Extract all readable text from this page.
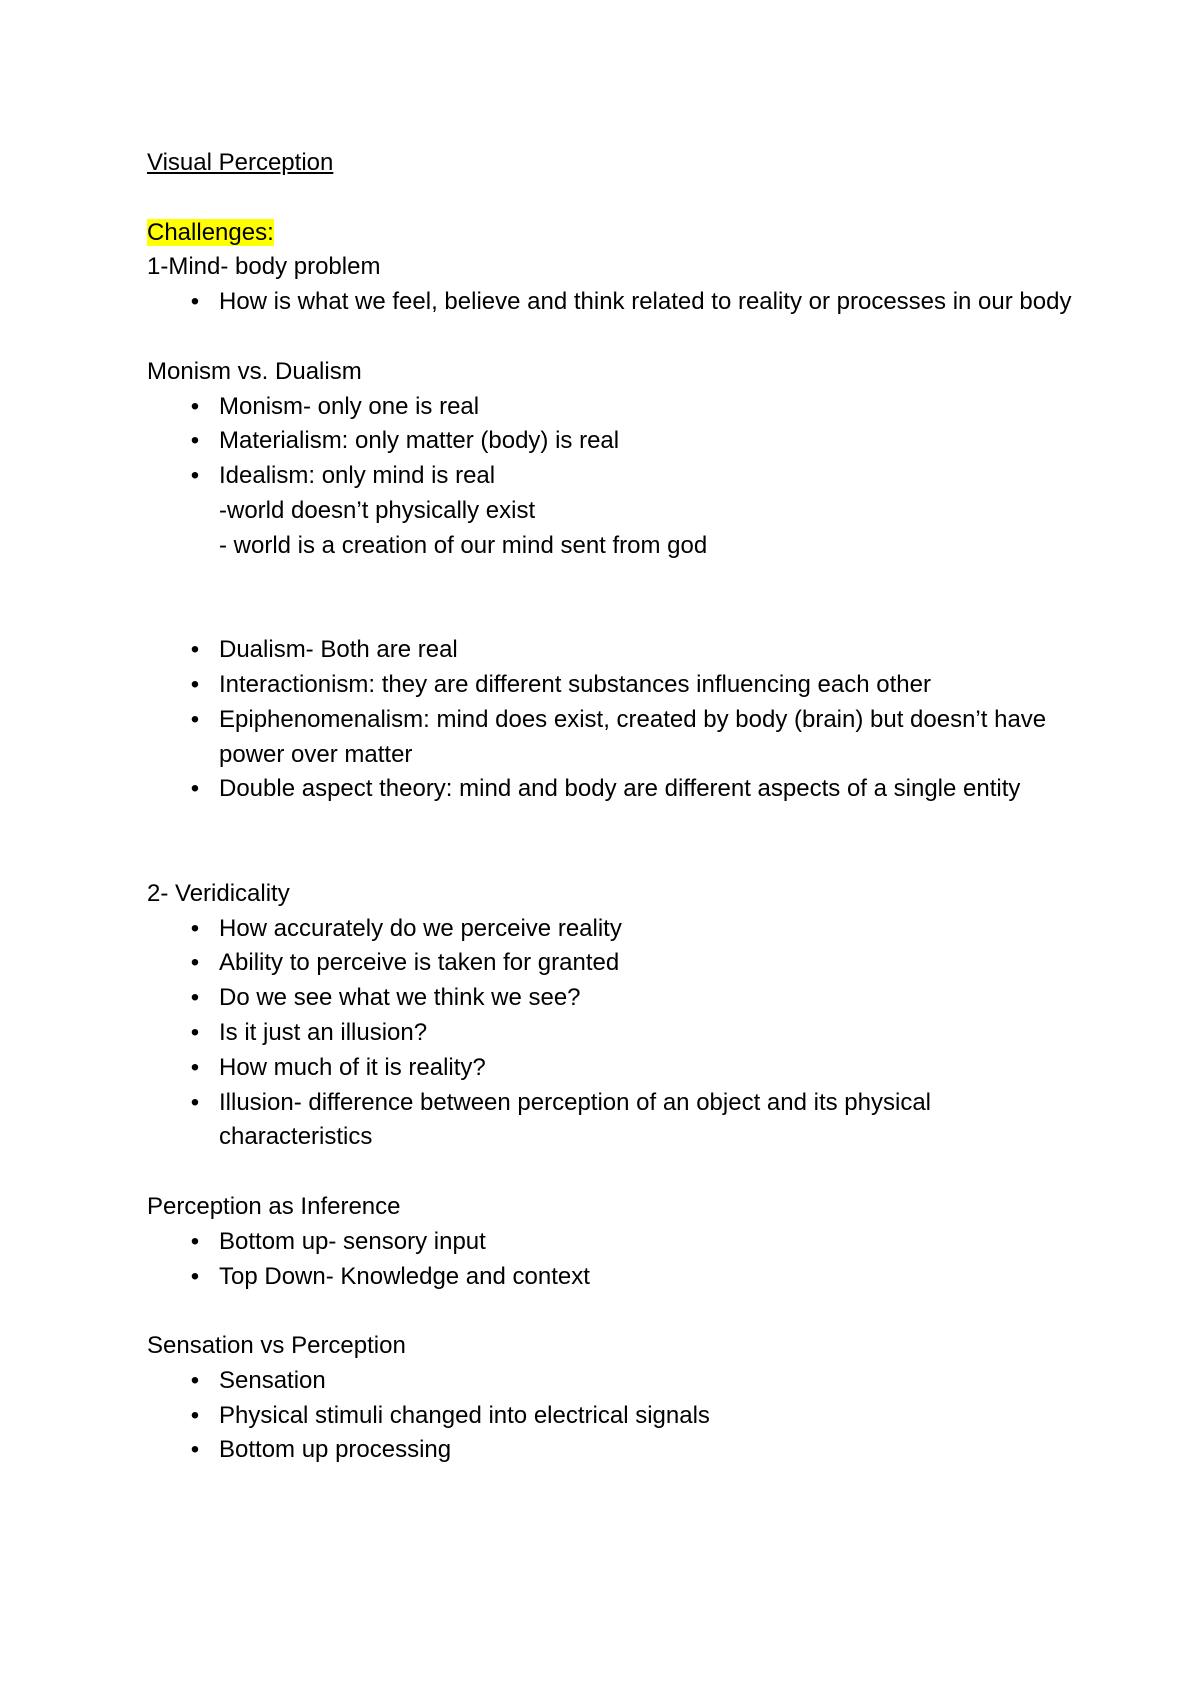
Visual Perception

Challenges:

1-Mind- body problem

• How is what we feel, believe and think related to reality or processes in our body

Monism vs. Dualism

• Monism- only one is real
• Materialism: only matter (body) is real
• Idealism: only mind is real
-world doesn’t physically exist
- world is a creation of our mind sent from god
• Dualism- Both are real
• Interactionism: they are different substances influencing each other
• Epiphenomenalism: mind does exist, created by body (brain) but doesn’t have power over matter
• Double aspect theory: mind and body are different aspects of a single entity

2- Veridicality

• How accurately do we perceive reality
• Ability to perceive is taken for granted
• Do we see what we think we see?
• Is it just an illusion?
• How much of it is reality?
• Illusion- difference between perception of an object and its physical characteristics

Perception as Inference

• Bottom up- sensory input
• Top Down- Knowledge and context

Sensation vs Perception

• Sensation
• Physical stimuli changed into electrical signals
• Bottom up processing
